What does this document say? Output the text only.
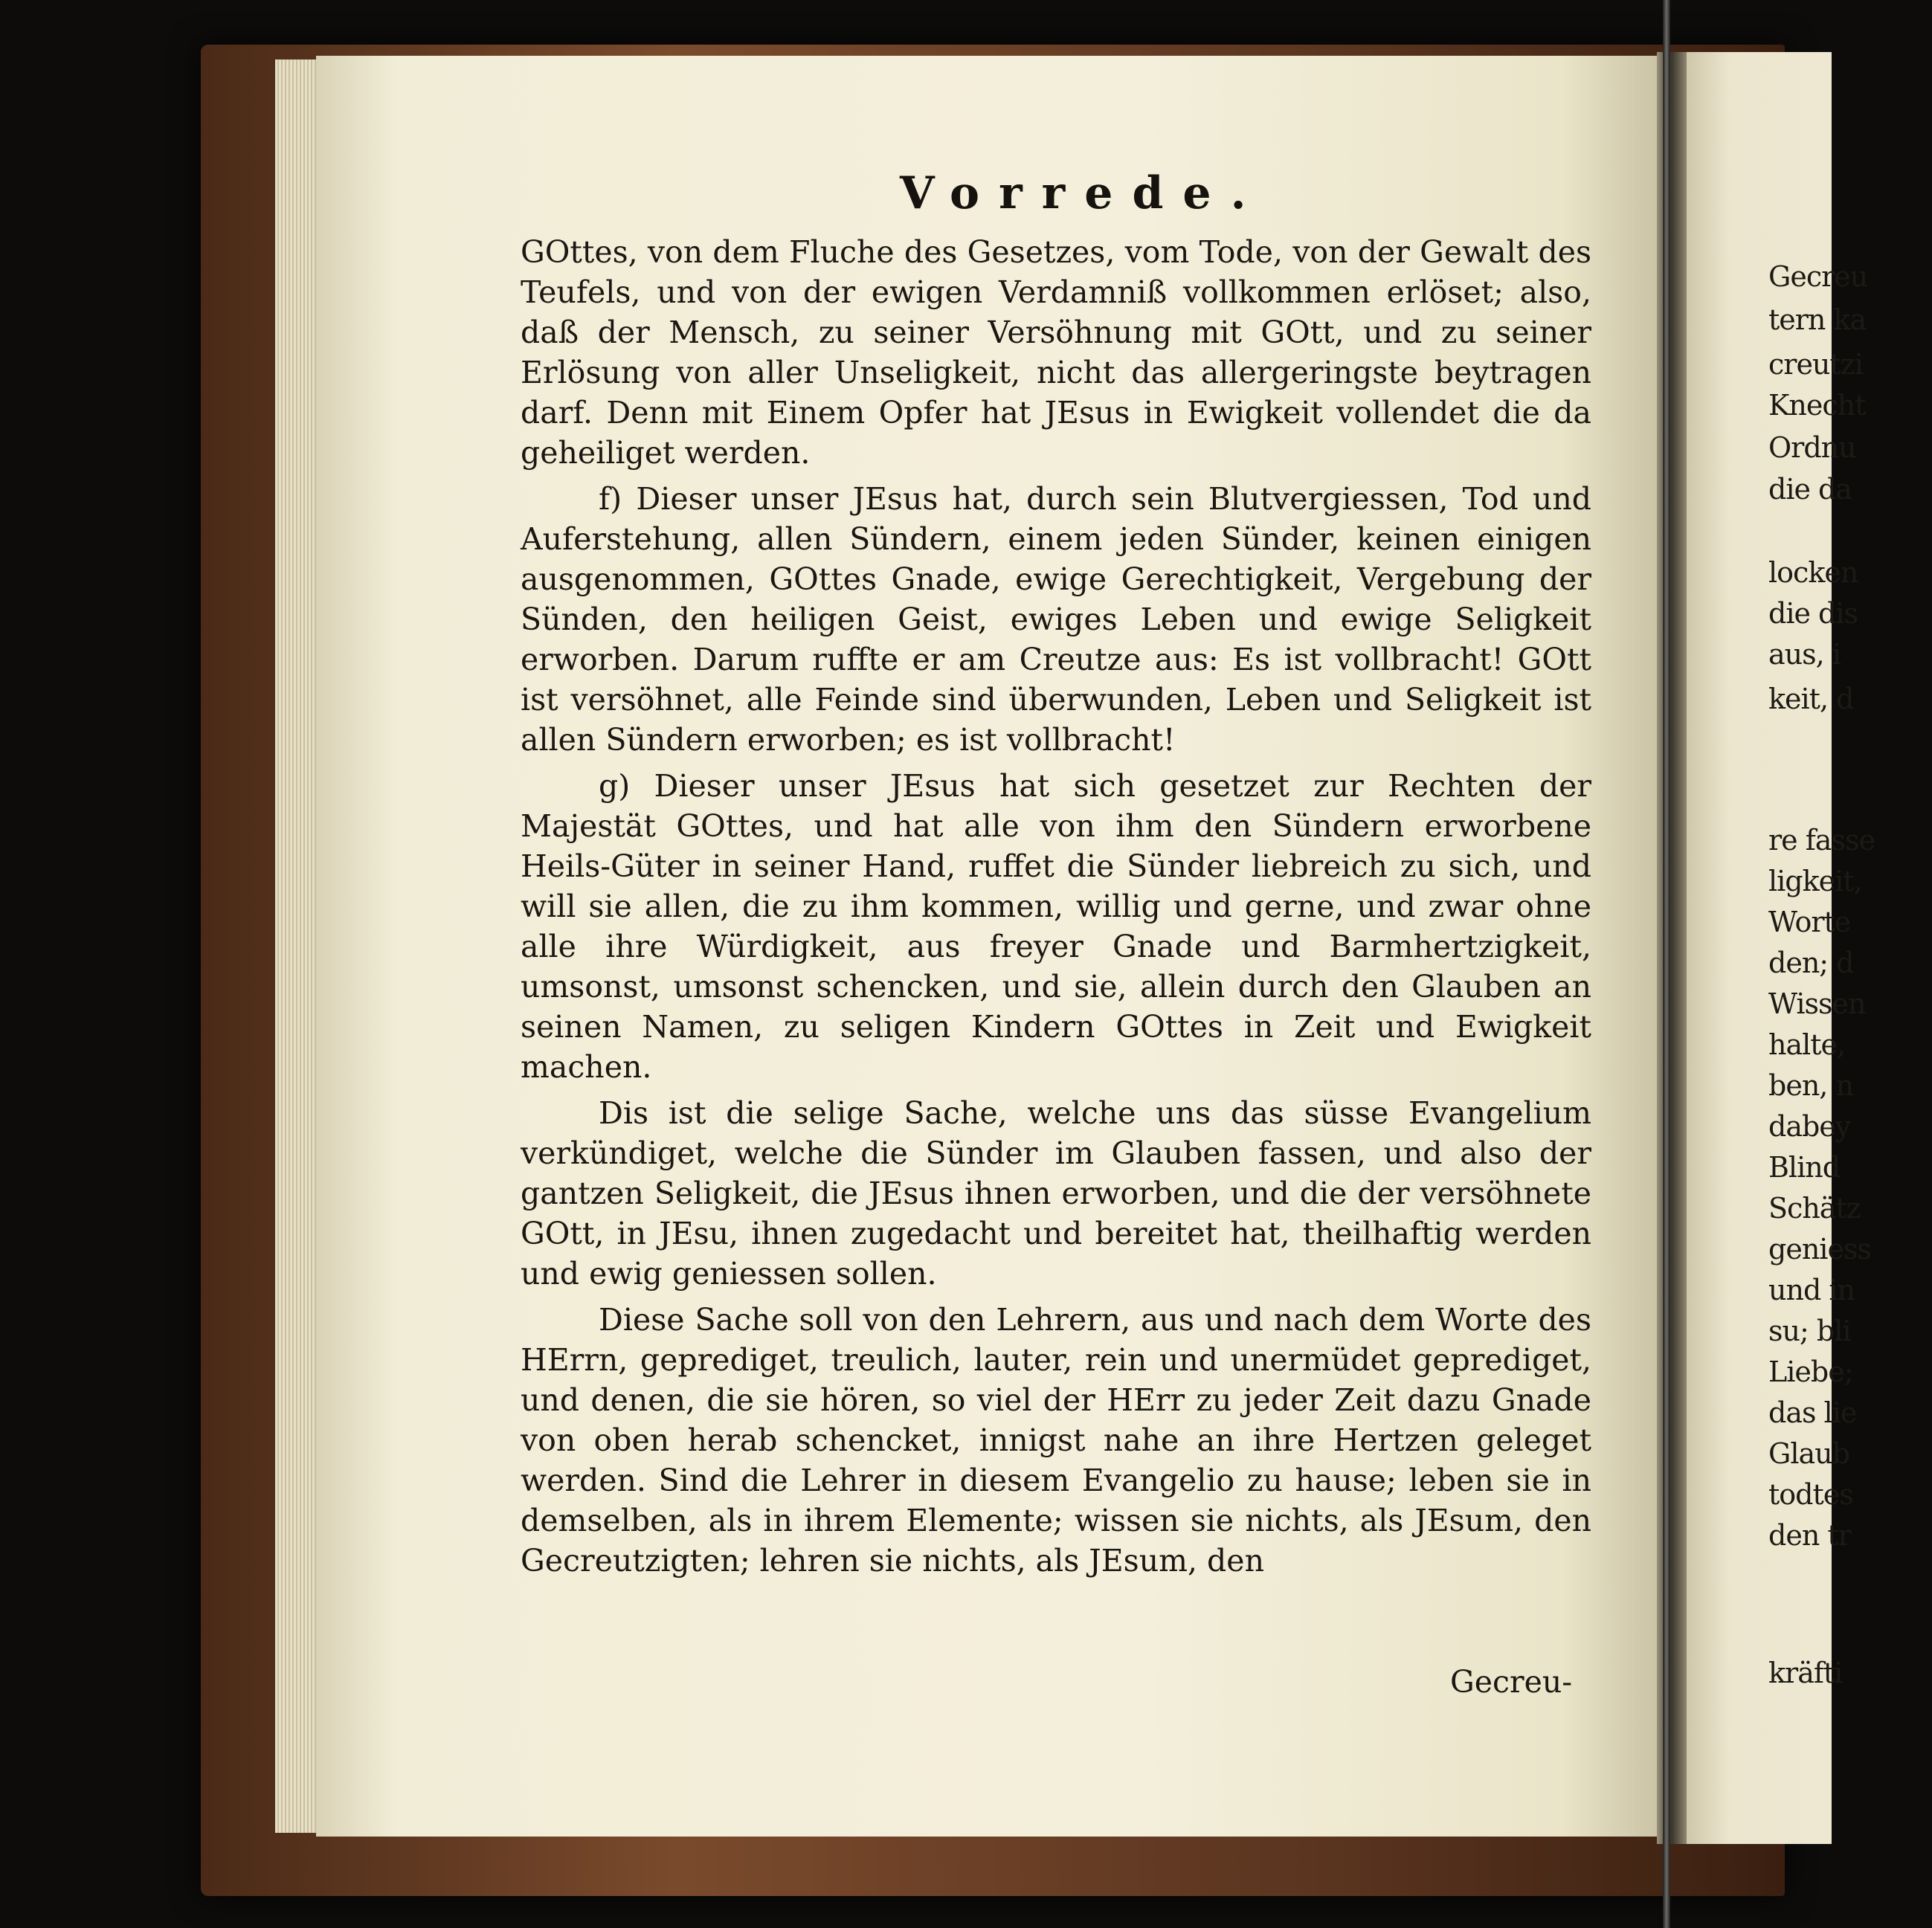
Gecreu

tern ka

creutzi

Knecht

Ordnu

die da

locken

die dis

aus, i

keit, d

re fasse

ligkeit,

Worte

den; d

Wissen

halte,

ben, n

dabey

Blind

Schätz

geniess

und in

su; bli

Liebe;

das lie

Glaub

todtes

den tr

kräfti

Vorrede.

GOttes, von dem Fluche des Gesetzes, vom Tode, von der Gewalt des Teufels, und von der ewigen Verdamniß vollkommen erlöset; also, daß der Mensch, zu seiner Versöhnung mit GOtt, und zu seiner Erlösung von aller Unseligkeit, nicht das allergeringste beytragen darf. Denn mit Einem Opfer hat JEsus in Ewigkeit vollendet die da geheiliget werden.

f) Dieser unser JEsus hat, durch sein Blutvergiessen, Tod und Auferstehung, allen Sündern, einem jeden Sünder, keinen einigen ausgenommen, GOttes Gnade, ewige Gerechtigkeit, Vergebung der Sünden, den heiligen Geist, ewiges Leben und ewige Seligkeit erworben. Darum ruffte er am Creutze aus: Es ist vollbracht! GOtt ist versöhnet, alle Feinde sind überwunden, Leben und Seligkeit ist allen Sündern erworben; es ist vollbracht!

g) Dieser unser JEsus hat sich gesetzet zur Rechten der Majestät GOttes, und hat alle von ihm den Sündern erworbene Heils-Güter in seiner Hand, ruffet die Sünder liebreich zu sich, und will sie allen, die zu ihm kommen, willig und gerne, und zwar ohne alle ihre Würdigkeit, aus freyer Gnade und Barmhertzigkeit, umsonst, umsonst schencken, und sie, allein durch den Glauben an seinen Namen, zu seligen Kindern GOttes in Zeit und Ewigkeit machen.

Dis ist die selige Sache, welche uns das süsse Evangelium verkündiget, welche die Sünder im Glauben fassen, und also der gantzen Seligkeit, die JEsus ihnen erworben, und die der versöhnete GOtt, in JEsu, ihnen zugedacht und bereitet hat, theilhaftig werden und ewig geniessen sollen.

Diese Sache soll von den Lehrern, aus und nach dem Worte des HErrn, geprediget, treulich, lauter, rein und unermüdet geprediget, und denen, die sie hören, so viel der HErr zu jeder Zeit dazu Gnade von oben herab schencket, innigst nahe an ihre Hertzen geleget werden. Sind die Lehrer in diesem Evangelio zu hause; leben sie in demselben, als in ihrem Elemente; wissen sie nichts, als JEsum, den Gecreutzigten; lehren sie nichts, als JEsum, den

Gecreu-
